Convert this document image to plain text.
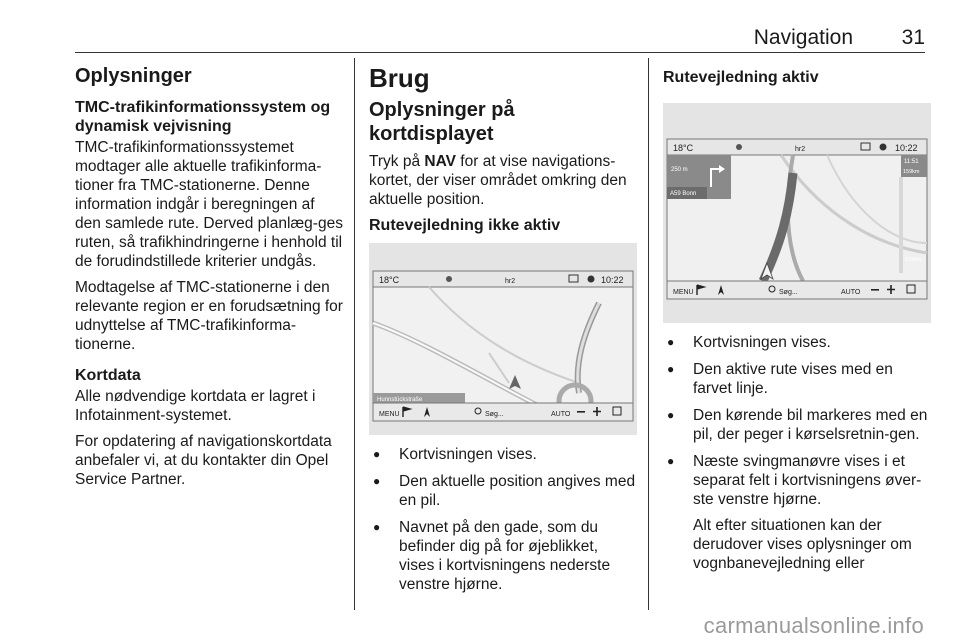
Navigation 31
Oplysninger
TMC-trafikinformationssystem og dynamisk vejvisning

TMC-trafikinformationssystemet modtager alle aktuelle trafikinforma-tioner fra TMC-stationerne. Denne information indgår i beregningen af den samlede rute. Derved planlæg-ges ruten, så trafikhindringerne i henhold til de forudindstillede kriterier undgås.

Modtagelse af TMC-stationerne i den relevante region er en forudsætning for udnyttelse af TMC-trafikinforma-tionerne.

Kortdata

Alle nødvendige kortdata er lagret i Infotainment-systemet.

For opdatering af navigationskortdata anbefaler vi, at du kontakter din Opel Service Partner.

Brug
Oplysninger på kortdisplayet

Tryk på NAV for at vise navigations-kortet, der viser området omkring den aktuelle position.

Rutevejledning ikke aktiv
18°C	hr2	10:22
Hunnstückstraße
MENU	Søg...	AUTO
● Kortvisningen vises.
● Den aktuelle position angives med en pil.
● Navnet på den gade, som du befinder dig på for øjeblikket, vises i kortvisningens nederste venstre hjørne.
Rutevejledning aktiv
18°C	hr2	10:22
250 m
A59 Bonn
11:51
159km
159km
MENU	Søg...	AUTO
● Kortvisningen vises.
● Den aktive rute vises med en farvet linje.
● Den kørende bil markeres med en pil, der peger i kørselsretnin-gen.
● Næste svingmanøvre vises i et separat felt i kortvisningens øver-ste venstre hjørne.
Alt efter situationen kan der derudover vises oplysninger om vognbanevejledning eller
carmanualsonline.info
